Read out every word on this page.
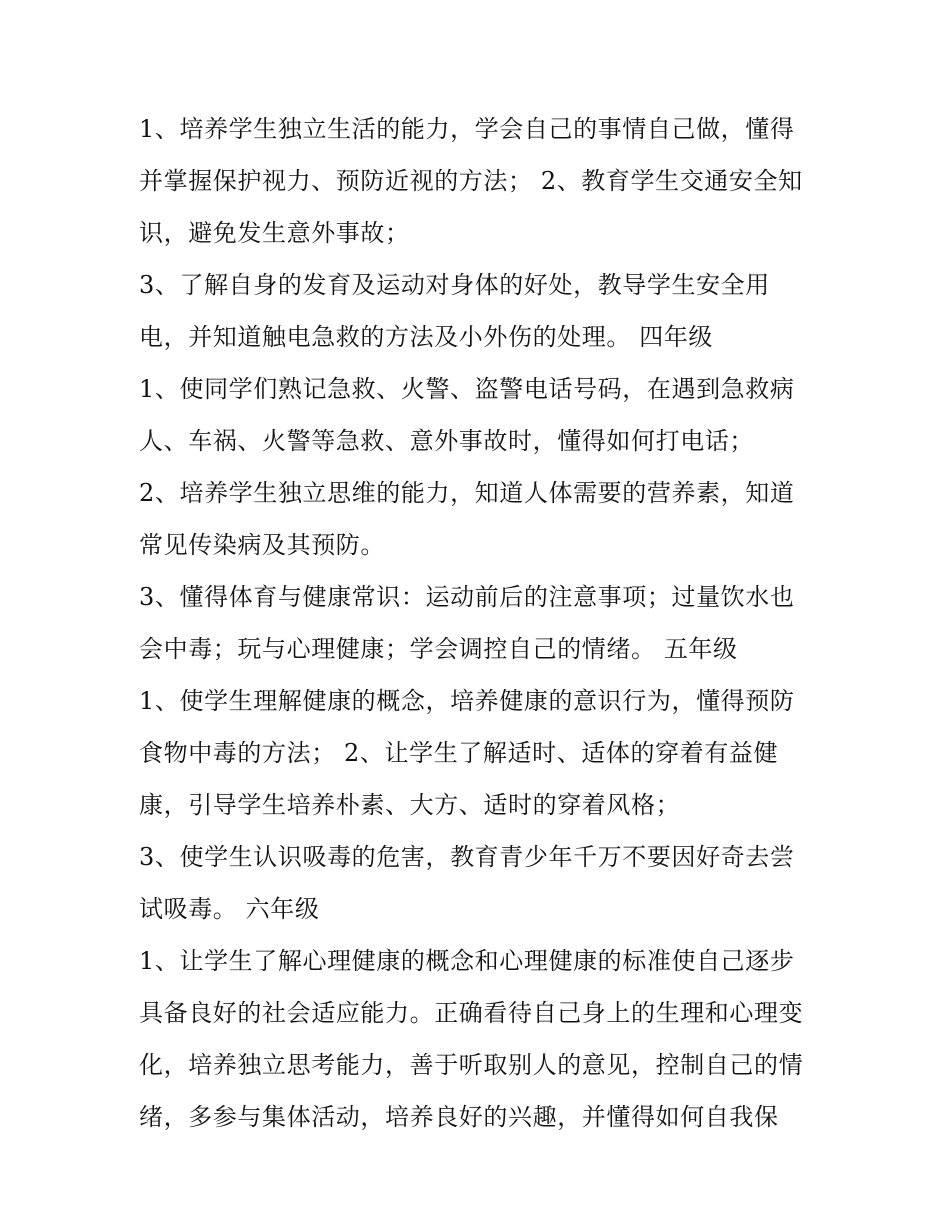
1、培养学生独立生活的能力，学会自己的事情自己做，懂得
并掌握保护视力、预防近视的方法； 2、教育学生交通安全知
识，避免发生意外事故；
3、了解自身的发育及运动对身体的好处，教导学生安全用
电，并知道触电急救的方法及小外伤的处理。 四年级
1、使同学们熟记急救、火警、盗警电话号码，在遇到急救病
人、车祸、火警等急救、意外事故时，懂得如何打电话；
2、培养学生独立思维的能力，知道人体需要的营养素，知道
常见传染病及其预防。
3、懂得体育与健康常识：运动前后的注意事项；过量饮水也
会中毒；玩与心理健康；学会调控自己的情绪。 五年级
1、使学生理解健康的概念，培养健康的意识行为，懂得预防
食物中毒的方法； 2、让学生了解适时、适体的穿着有益健
康，引导学生培养朴素、大方、适时的穿着风格；
3、使学生认识吸毒的危害，教育青少年千万不要因好奇去尝
试吸毒。 六年级
1、让学生了解心理健康的概念和心理健康的标准使自己逐步
具备良好的社会适应能力。正确看待自己身上的生理和心理变
化，培养独立思考能力，善于听取别人的意见，控制自己的情
绪，多参与集体活动，培养良好的兴趣，并懂得如何自我保
